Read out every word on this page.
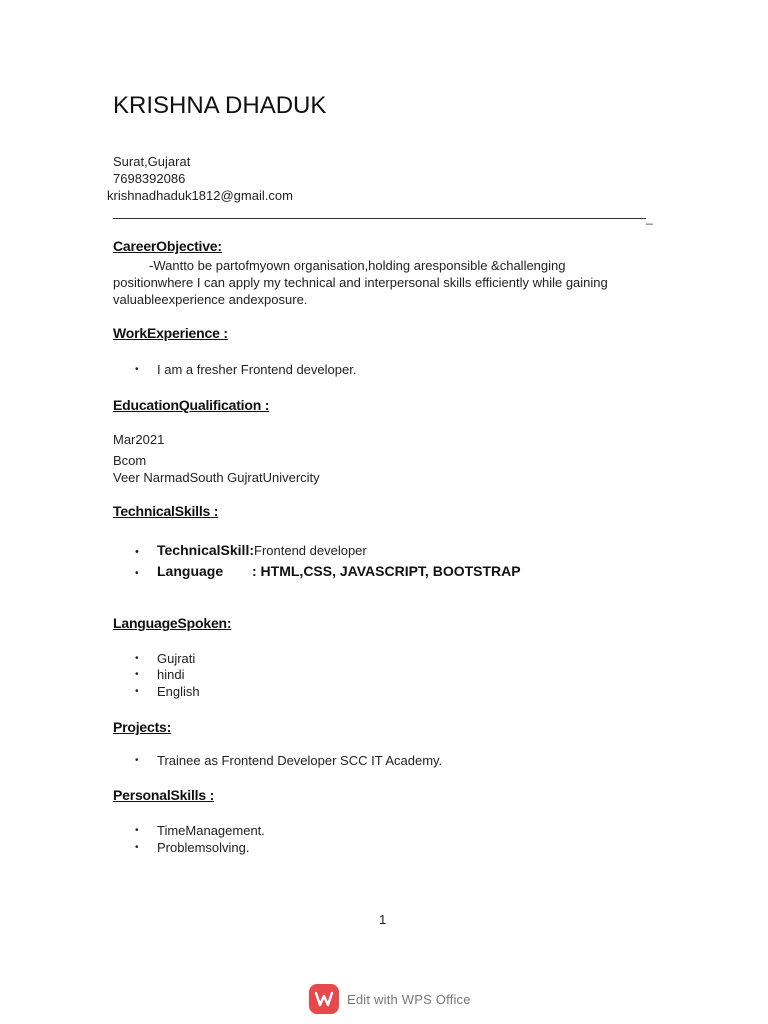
KRISHNA DHADUK
Surat,Gujarat
7698392086
krishnadhaduk1812@gmail.com
_
CareerObjective:
-Wantto be partofmyown organisation,holding aresponsible &challenging
positionwhere I can apply my technical and interpersonal skills efficiently while gaining
valuableexperience andexposure.
WorkExperience :
•	I am a fresher Frontend developer.
EducationQualification :
Mar2021
Bcom
Veer NarmadSouth GujratUnivercity
TechnicalSkills :
•	TechnicalSkill: Frontend developer
•	Language	: HTML,CSS, JAVASCRIPT, BOOTSTRAP
LanguageSpoken:
•	Gujrati
•	hindi
•	English
Projects:
•	Trainee as Frontend Developer SCC IT Academy.
PersonalSkills :
•	TimeManagement.
•	Problemsolving.
1
Edit with WPS Office
